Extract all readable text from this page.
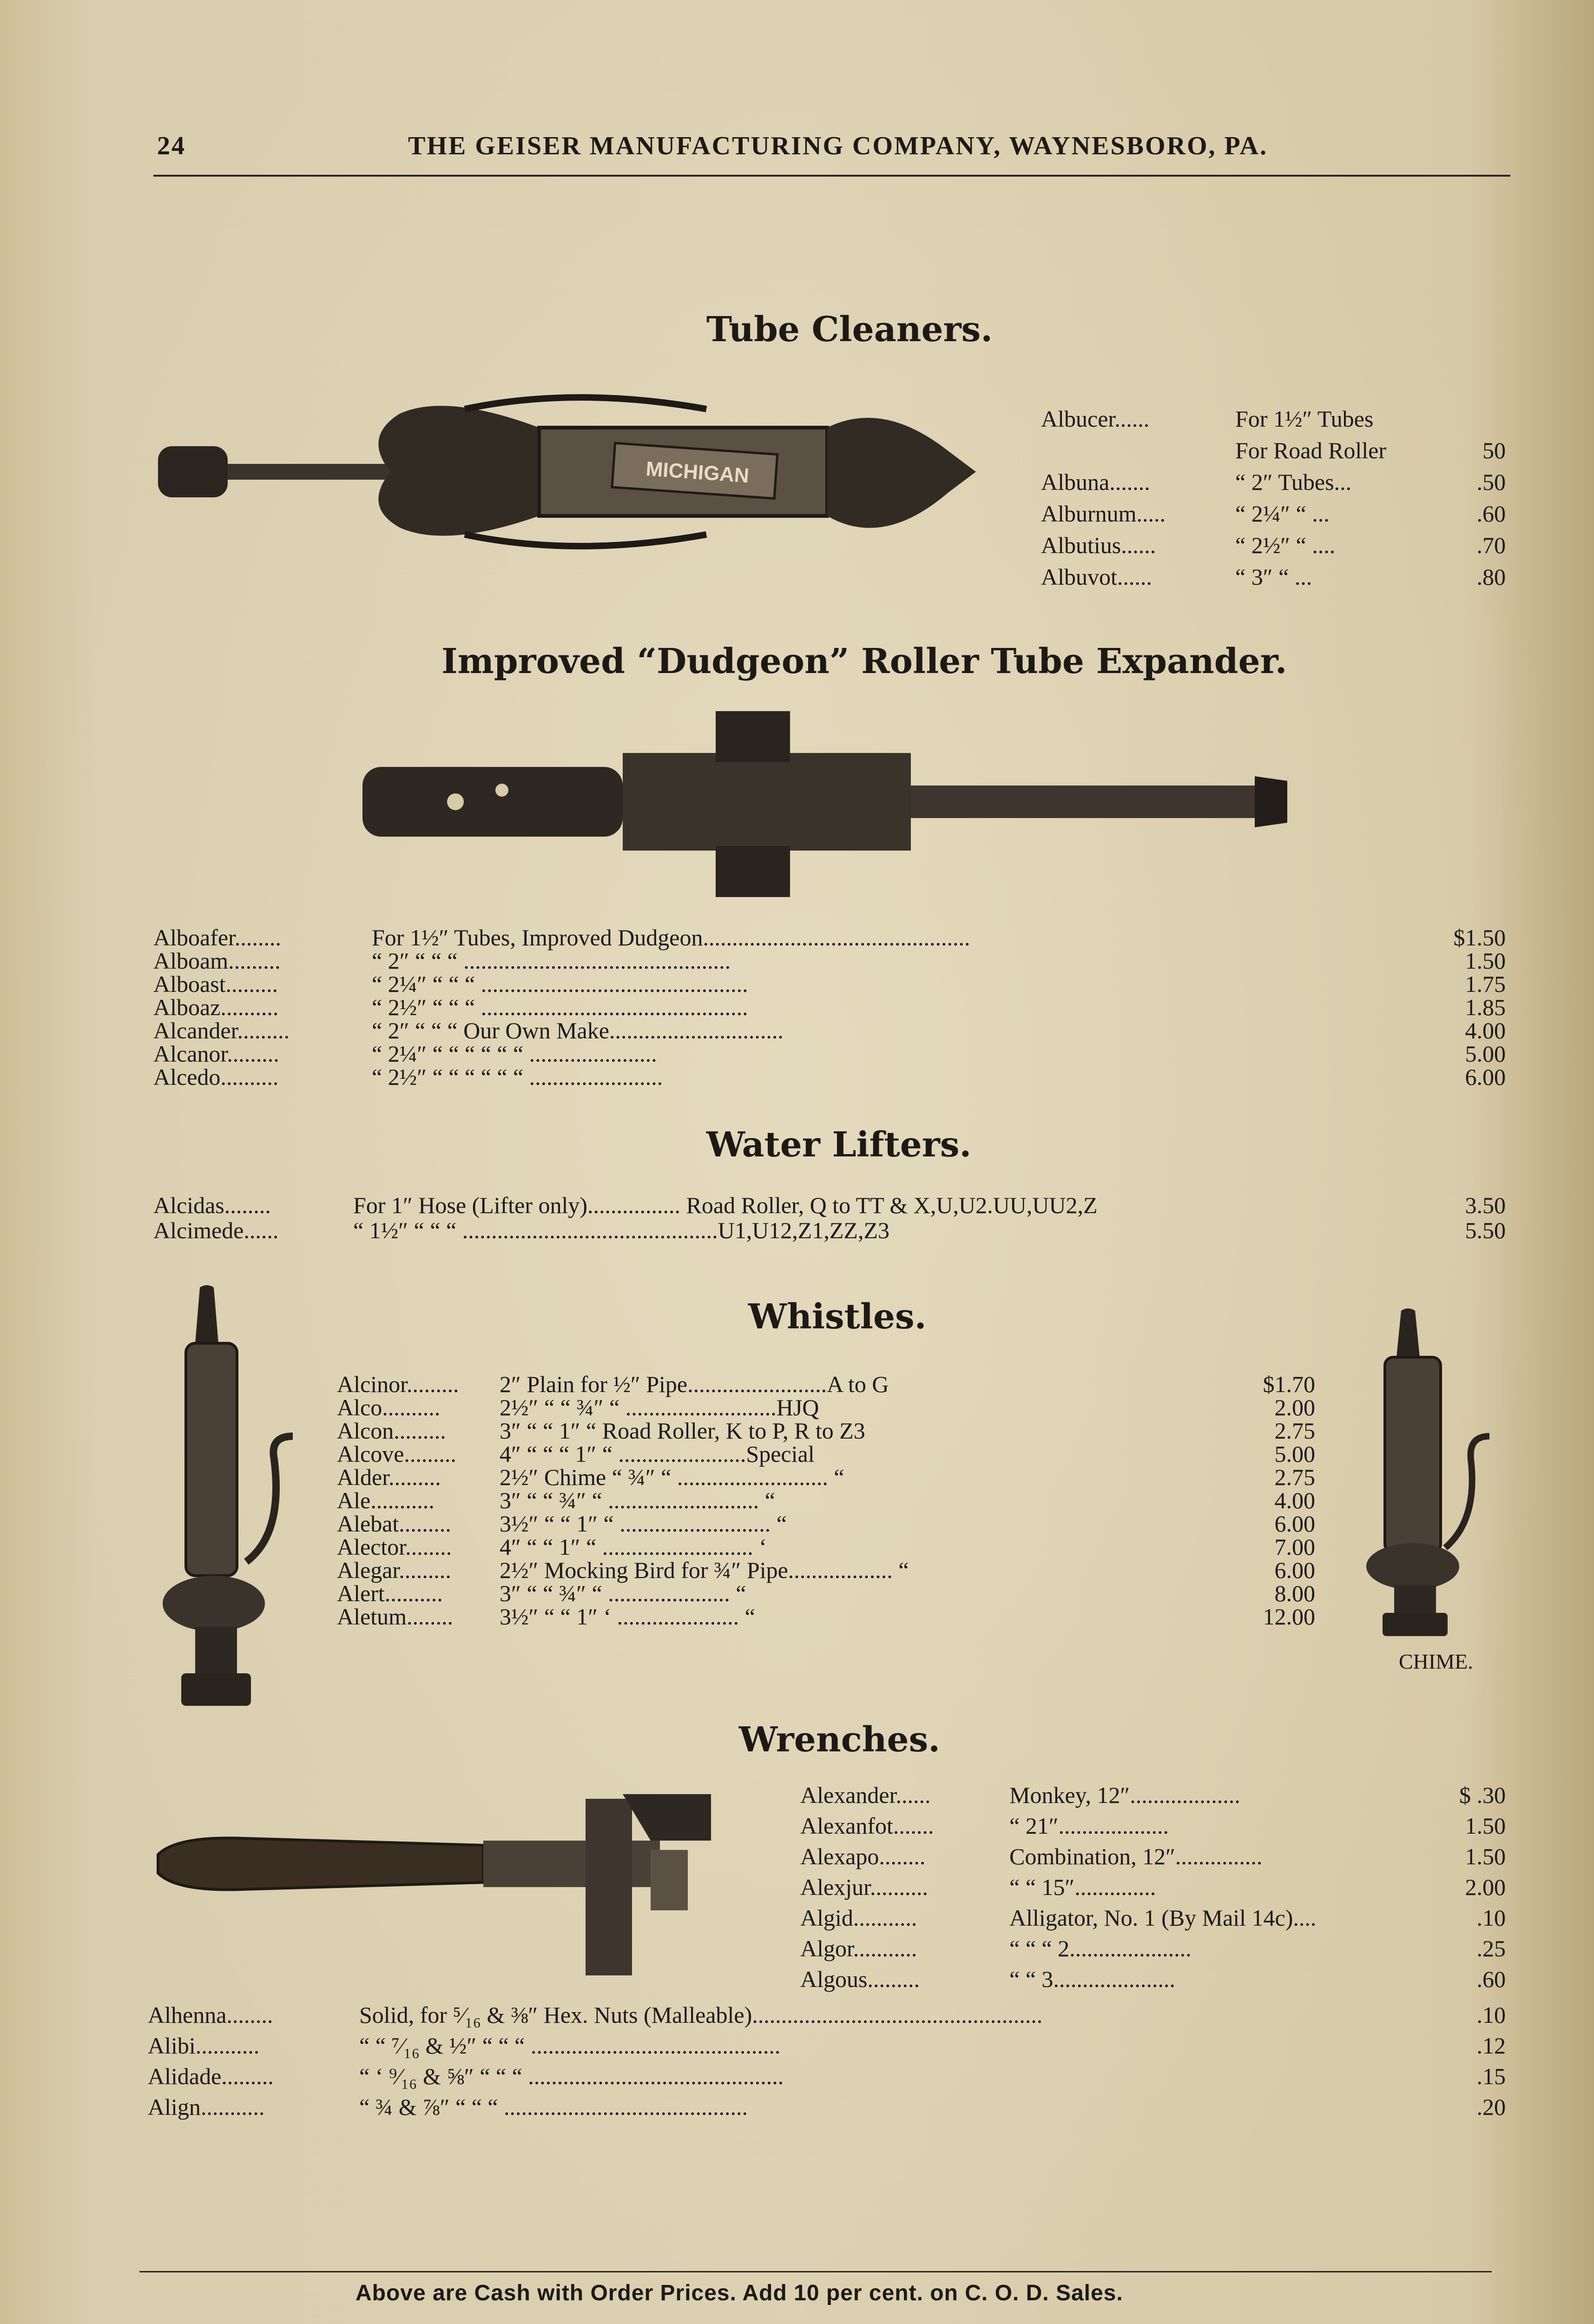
24	THE GEISER MANUFACTURING COMPANY, WAYNESBORO, PA.
Tube Cleaners.
MICHIGAN
Albucer......	For 1½″ Tubes
For Road Roller	50
Albuna.......	“ 2″ Tubes...	.50
Alburnum.....	“ 2¼″ “ ...	.60
Albutius......	“ 2½″ “ ....	.70
Albuvot......	“ 3″ “ ...	.80
Improved “Dudgeon” Roller Tube Expander.
Alboafer........	For 1½″ Tubes, Improved Dudgeon..............................................	$1.50
Alboam.........	“ 2″ “ “ “ ..............................................	1.50
Alboast.........	“ 2¼″ “ “ “ ..............................................	1.75
Alboaz..........	“ 2½″ “ “ “ ..............................................	1.85
Alcander.........	“ 2″ “ “ “ Our Own Make..............................	4.00
Alcanor.........	“ 2¼″ “ “ “ “ “ “ ......................	5.00
Alcedo..........	“ 2½″ “ “ “ “ “ “ .......................	6.00
Water Lifters.
Alcidas........	For 1″ Hose (Lifter only)................ Road Roller, Q to TT & X,U,U2.UU,UU2,Z	3.50
Alcimede......	“ 1½″ “ “ “ ............................................U1,U12,Z1,ZZ,Z3	5.50
Whistles.
Alcinor......... 2″ Plain for ½″ Pipe........................A to G	$1.70
Alco..........	2½″ “ “ ¾″ “ ..........................HJQ	2.00
Alcon......... 3″ “ “ 1″ “ Road Roller, K to P, R to Z3	2.75
Alcove......... 4″ “ “ “ 1″ “ ......................Special	5.00
Alder.........	2½″ Chime “ ¾″ “ .......................... “	2.75
Ale...........	3″ “ “ ¾″ “ .......................... “	4.00
Alebat......... 3½″ “ “ 1″ “ .......................... “	6.00
Alector........ 4″ “ “ 1″ “ .......................... ‘	7.00
Alegar......... 2½″ Mocking Bird for ¾″ Pipe.................. “	6.00
Alert.......... 3″ “ “ ¾″ “ ..................... “	8.00
Aletum........ 3½″ “ “ 1″ ‘ ..................... “	12.00
CHIME.
Wrenches.
Alexander......	Monkey, 12″...................	$ .30
Alexanfot.......	“ 21″...................	1.50
Alexapo........	Combination, 12″...............	1.50
Alexjur..........	“ “ 15″..............	2.00
Algid...........	Alligator, No. 1 (By Mail 14c)....	.10
Algor...........	“ “ “ 2.....................	.25
Algous.........	“ “ 3.....................	.60
Alhenna........	Solid, for ⁵⁄₁₆ & ⅜″ Hex. Nuts (Malleable)..................................................	.10
Alibi...........	“ “ ⁷⁄₁₆ & ½″ “ “ “ ...........................................	.12
Alidade.........	“ ‘ ⁹⁄₁₆ & ⅝″ “ “ “ ............................................	.15
Align...........	“ ¾ & ⅞″ “ “ “ ..........................................	.20
Above are Cash with Order Prices. Add 10 per cent. on C. O. D. Sales.
